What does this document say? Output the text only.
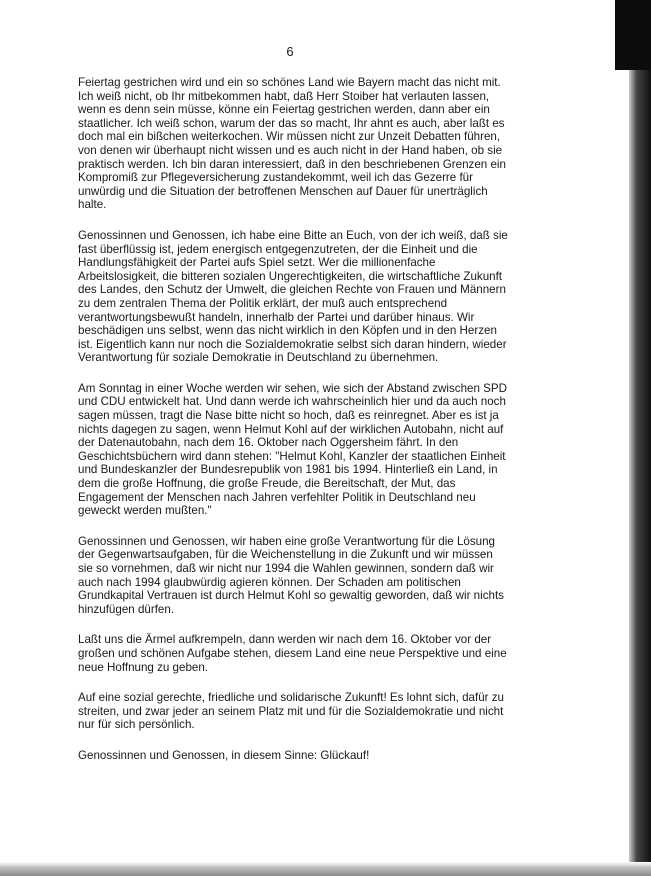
6

Feiertag gestrichen wird und ein so schönes Land wie Bayern macht das nicht mit. Ich weiß nicht, ob Ihr mitbekommen habt, daß Herr Stoiber hat verlauten lassen, wenn es denn sein müsse, könne ein Feiertag gestrichen werden, dann aber ein staatlicher. Ich weiß schon, warum der das so macht, Ihr ahnt es auch, aber laßt es doch mal ein bißchen weiterkochen. Wir müssen nicht zur Unzeit Debatten führen, von denen wir überhaupt nicht wissen und es auch nicht in der Hand haben, ob sie praktisch werden. Ich bin daran interessiert, daß in den beschriebenen Grenzen ein Kompromiß zur Pflegeversicherung zustandekommt, weil ich das Gezerre für unwürdig und die Situation der betroffenen Menschen auf Dauer für unerträglich halte.

Genossinnen und Genossen, ich habe eine Bitte an Euch, von der ich weiß, daß sie fast überflüssig ist, jedem energisch entgegenzutreten, der die Einheit und die Handlungsfähigkeit der Partei aufs Spiel setzt. Wer die millionenfache Arbeitslosigkeit, die bitteren sozialen Ungerechtigkeiten, die wirtschaftliche Zukunft des Landes, den Schutz der Umwelt, die gleichen Rechte von Frauen und Männern zu dem zentralen Thema der Politik erklärt, der muß auch entsprechend verantwortungsbewußt handeln, innerhalb der Partei und darüber hinaus. Wir beschädigen uns selbst, wenn das nicht wirklich in den Köpfen und in den Herzen ist. Eigentlich kann nur noch die Sozialdemokratie selbst sich daran hindern, wieder Verantwortung für soziale Demokratie in Deutschland zu übernehmen.

Am Sonntag in einer Woche werden wir sehen, wie sich der Abstand zwischen SPD und CDU entwickelt hat. Und dann werde ich wahrscheinlich hier und da auch noch sagen müssen, tragt die Nase bitte nicht so hoch, daß es reinregnet. Aber es ist ja nichts dagegen zu sagen, wenn Helmut Kohl auf der wirklichen Autobahn, nicht auf der Datenautobahn, nach dem 16. Oktober nach Oggersheim fährt. In den Geschichtsbüchern wird dann stehen: "Helmut Kohl, Kanzler der staatlichen Einheit und Bundeskanzler der Bundesrepublik von 1981 bis 1994. Hinterließ ein Land, in dem die große Hoffnung, die große Freude, die Bereitschaft, der Mut, das Engagement der Menschen nach Jahren verfehlter Politik in Deutschland neu geweckt werden mußten."

Genossinnen und Genossen, wir haben eine große Verantwortung für die Lösung der Gegenwartsaufgaben, für die Weichenstellung in die Zukunft und wir müssen sie so vornehmen, daß wir nicht nur 1994 die Wahlen gewinnen, sondern daß wir auch nach 1994 glaubwürdig agieren können. Der Schaden am politischen Grundkapital Vertrauen ist durch Helmut Kohl so gewaltig geworden, daß wir nichts hinzufügen dürfen.

Laßt uns die Ärmel aufkrempeln, dann werden wir nach dem 16. Oktober vor der großen und schönen Aufgabe stehen, diesem Land eine neue Perspektive und eine neue Hoffnung zu geben.

Auf eine sozial gerechte, friedliche und solidarische Zukunft! Es lohnt sich, dafür zu streiten, und zwar jeder an seinem Platz mit und für die Sozialdemokratie und nicht nur für sich persönlich.

Genossinnen und Genossen, in diesem Sinne: Glückauf!
